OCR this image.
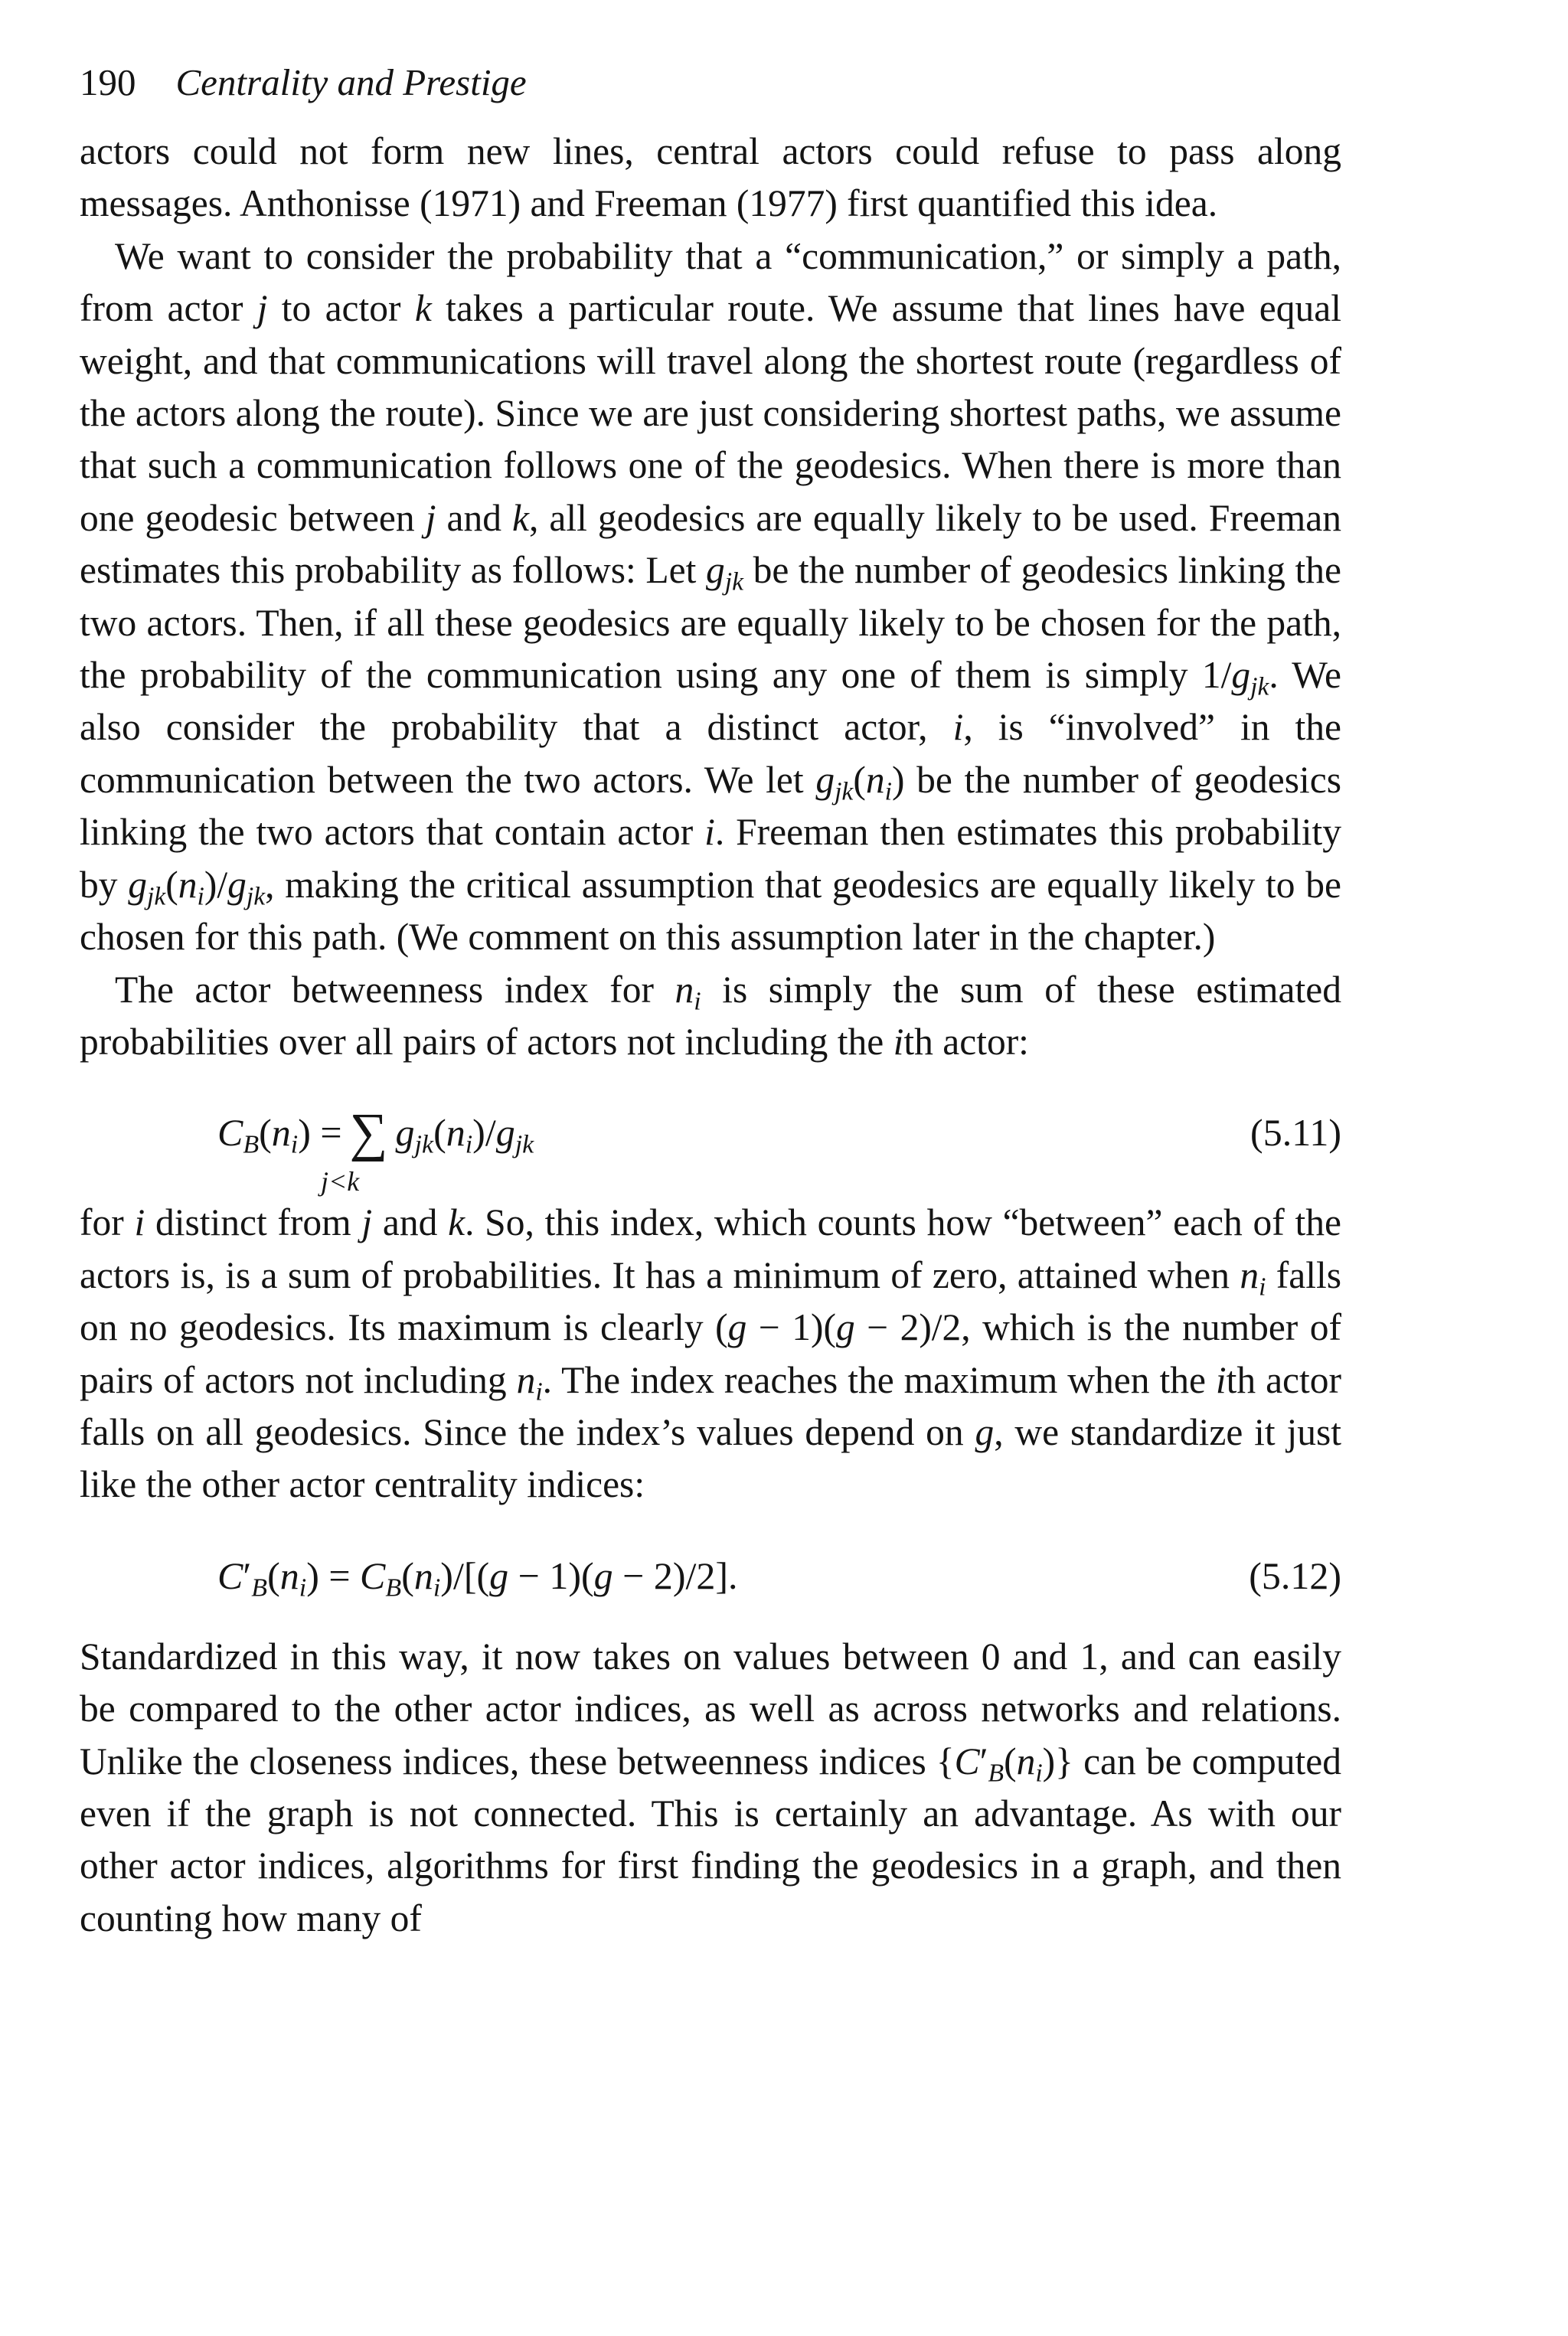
190 Centrality and Prestige

actors could not form new lines, central actors could refuse to pass along messages. Anthonisse (1971) and Freeman (1977) first quantified this idea.

We want to consider the probability that a “communication,” or simply a path, from actor j to actor k takes a particular route. We assume that lines have equal weight, and that communications will travel along the shortest route (regardless of the actors along the route). Since we are just considering shortest paths, we assume that such a communication follows one of the geodesics. When there is more than one geodesic between j and k, all geodesics are equally likely to be used. Freeman estimates this probability as follows: Let $g_{jk}$ be the number of geodesics linking the two actors. Then, if all these geodesics are equally likely to be chosen for the path, the probability of the communication using any one of them is simply $1/g_{jk}$. We also consider the probability that a distinct actor, i, is “involved” in the communication between the two actors. We let $g_{jk}(n_i)$ be the number of geodesics linking the two actors that contain actor i. Freeman then estimates this probability by $g_{jk}(n_i)/g_{jk}$, making the critical assumption that geodesics are equally likely to be chosen for this path. (We comment on this assumption later in the chapter.)

The actor betweenness index for $n_i$ is simply the sum of these estimated probabilities over all pairs of actors not including the ith actor:

$C_B(n_i)$ = ∑ $g_{jk}(n_i)/g_{jk}$
j<k
(5.11)

for i distinct from j and k. So, this index, which counts how “between” each of the actors is, is a sum of probabilities. It has a minimum of zero, attained when $n_i$ falls on no geodesics. Its maximum is clearly (g − 1)(g − 2)/2, which is the number of pairs of actors not including $n_i$. The index reaches the maximum when the ith actor falls on all geodesics. Since the index’s values depend on g, we standardize it just like the other actor centrality indices:

$C'_B(n_i) = C_B(n_i)/[(g - 1)(g - 2)/2]$.	(5.12)

Standardized in this way, it now takes on values between 0 and 1, and can easily be compared to the other actor indices, as well as across networks and relations. Unlike the closeness indices, these betweenness indices $\{C'_B(n_i)\}$ can be computed even if the graph is not connected. This is certainly an advantage. As with our other actor indices, algorithms for first finding the geodesics in a graph, and then counting how many of
